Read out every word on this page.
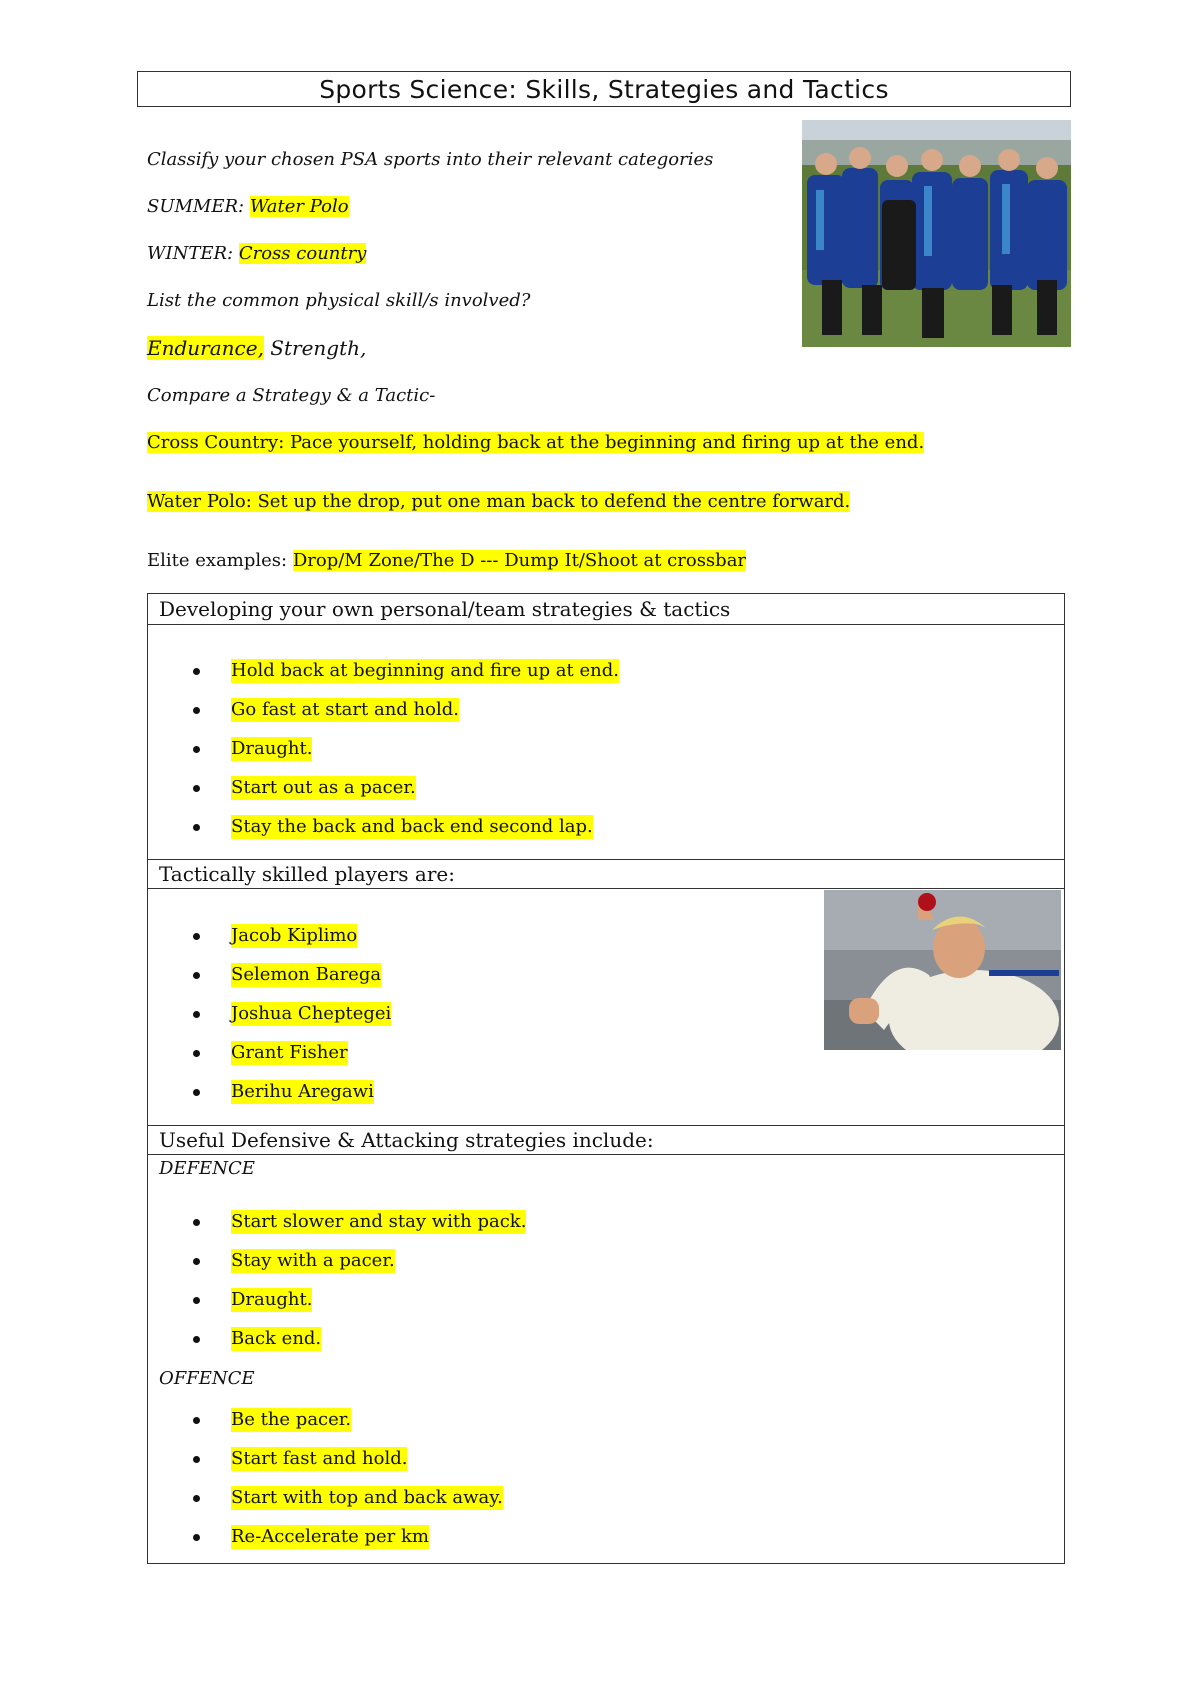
Sports Science: Skills, Strategies and Tactics
Classify your chosen PSA sports into their relevant categories
SUMMER: Water Polo
WINTER: Cross country
List the common physical skill/s involved?
Endurance, Strength,
Compare a Strategy & a Tactic-
Cross Country: Pace yourself, holding back at the beginning and firing up at the end.
Water Polo: Set up the drop, put one man back to defend the centre forward.
Elite examples: Drop/M Zone/The D --- Dump It/Shoot at crossbar
Developing your own personal/team strategies & tactics
Hold back at beginning and fire up at end.
Go fast at start and hold.
Draught.
Start out as a pacer.
Stay the back and back end second lap.
Tactically skilled players are:
Jacob Kiplimo
Selemon Barega
Joshua Cheptegei
Grant Fisher
Berihu Aregawi
Useful Defensive & Attacking strategies include:
DEFENCE
Start slower and stay with pack.
Stay with a pacer.
Draught.
Back end.
OFFENCE
Be the pacer.
Start fast and hold.
Start with top and back away.
Re-Accelerate per km
